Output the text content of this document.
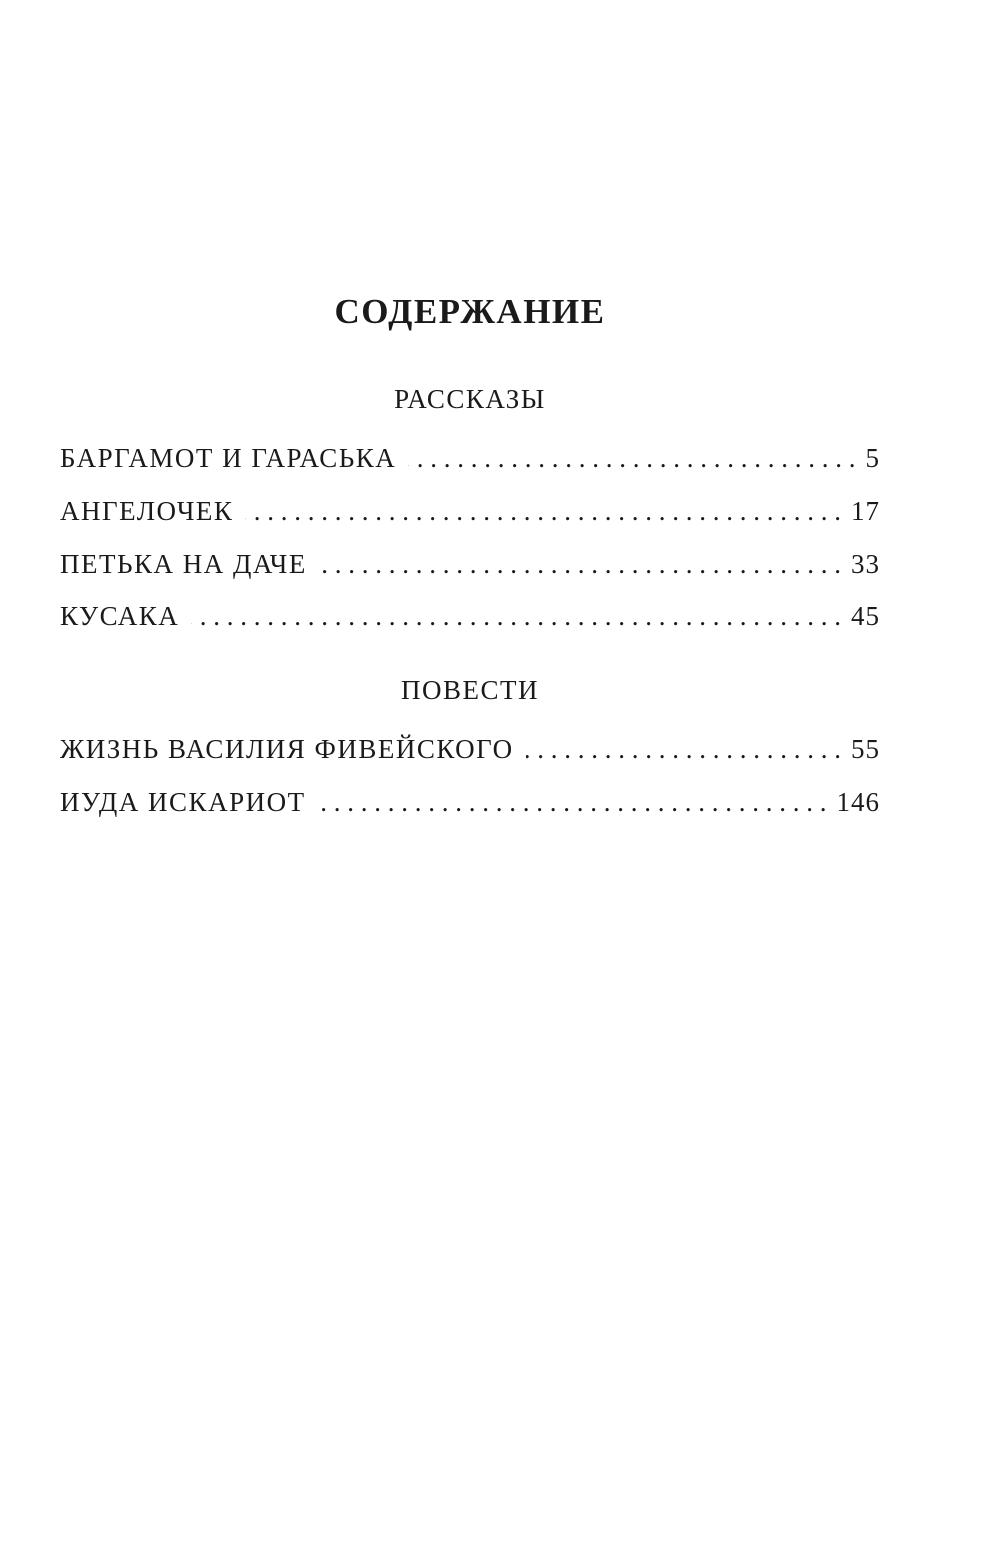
СОДЕРЖАНИЕ
РАССКАЗЫ
БАРГАМОТ И ГАРАСЬКА . . .	5
АНГЕЛОЧЕК . . .	17
ПЕТЬКА НА ДАЧЕ . . .	33
КУСАКА . . .	45
ПОВЕСТИ
ЖИЗНЬ ВАСИЛИЯ ФИВЕЙСКОГО . . .	55
ИУДА ИСКАРИОТ . . .	146
